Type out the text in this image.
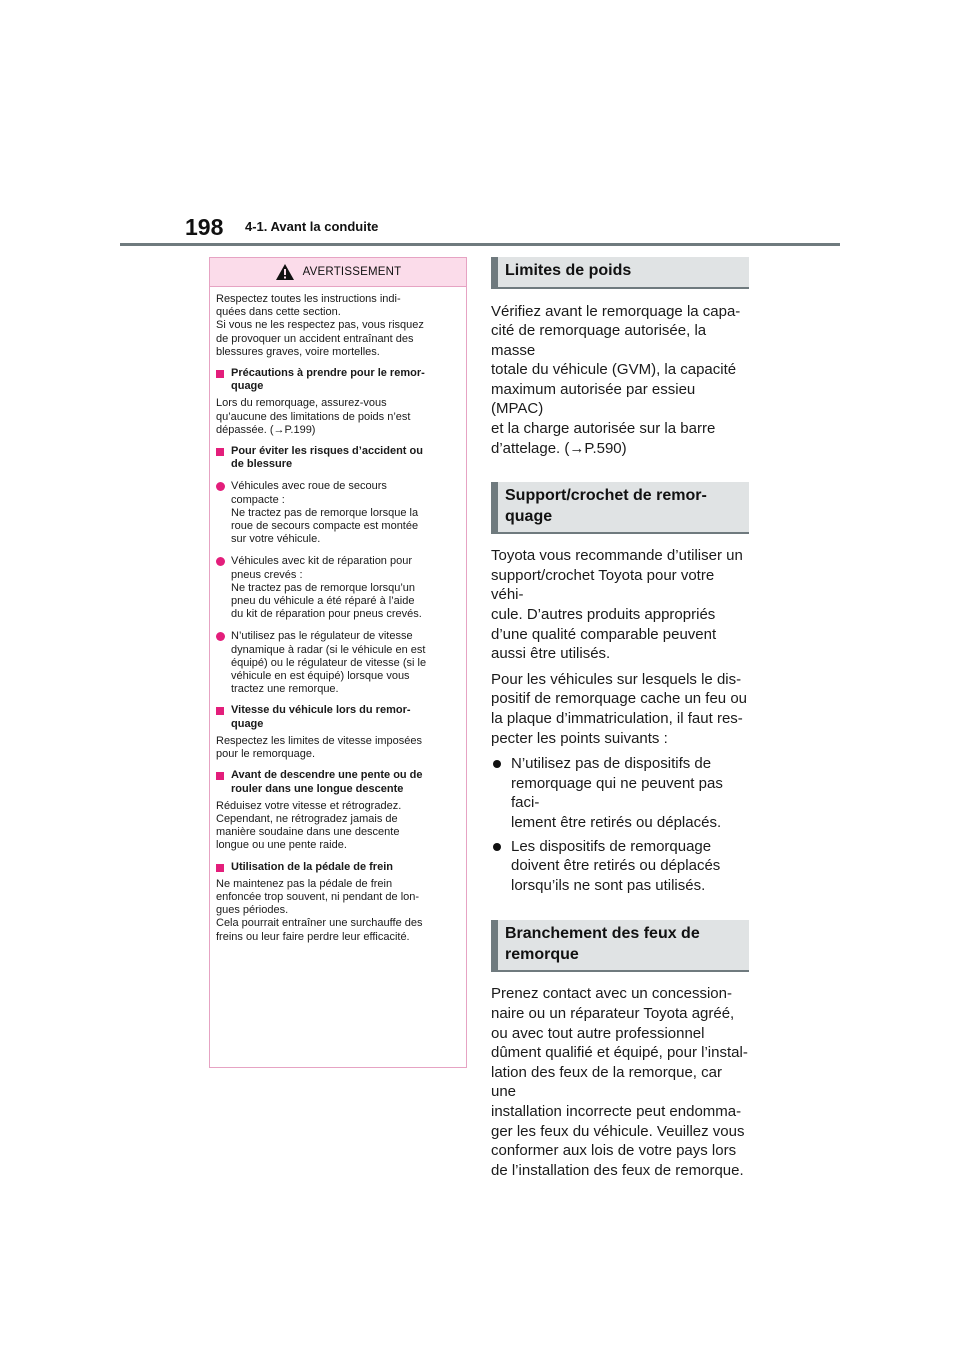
198 4-1. Avant la conduite
AVERTISSEMENT

Respectez toutes les instructions indi-

quées dans cette section.

Si vous ne les respectez pas, vous risquez

de provoquer un accident entraînant des

blessures graves, voire mortelles.

Précautions à prendre pour le remor-
quage

Lors du remorquage, assurez-vous

qu’aucune des limitations de poids n’est

dépassée. (→P.199)

Pour éviter les risques d’accident ou
de blessure

Véhicules avec roue de secours

compacte :

Ne tractez pas de remorque lorsque la

roue de secours compacte est montée

sur votre véhicule.

Véhicules avec kit de réparation pour

pneus crevés :

Ne tractez pas de remorque lorsqu’un

pneu du véhicule a été réparé à l’aide

du kit de réparation pour pneus crevés.

N’utilisez pas le régulateur de vitesse

dynamique à radar (si le véhicule en est

équipé) ou le régulateur de vitesse (si le

véhicule en est équipé) lorsque vous

tractez une remorque.

Vitesse du véhicule lors du remor-
quage

Respectez les limites de vitesse imposées

pour le remorquage.

Avant de descendre une pente ou de
rouler dans une longue descente

Réduisez votre vitesse et rétrogradez.

Cependant, ne rétrogradez jamais de

manière soudaine dans une descente

longue ou une pente raide.

Utilisation de la pédale de frein

Ne maintenez pas la pédale de frein

enfoncée trop souvent, ni pendant de lon-

gues périodes.

Cela pourrait entraîner une surchauffe des

freins ou leur faire perdre leur efficacité.

Limites de poids

Vérifiez avant le remorquage la capa-

cité de remorquage autorisée, la masse

totale du véhicule (GVM), la capacité

maximum autorisée par essieu (MPAC)

et la charge autorisée sur la barre

d’attelage. (→P.590)

Support/crochet de remor-
quage

Toyota vous recommande d’utiliser un

support/crochet Toyota pour votre véhi-

cule. D’autres produits appropriés

d’une qualité comparable peuvent

aussi être utilisés.

Pour les véhicules sur lesquels le dis-

positif de remorquage cache un feu ou

la plaque d’immatriculation, il faut res-

pecter les points suivants :

N’utilisez pas de dispositifs de

remorquage qui ne peuvent pas faci-

lement être retirés ou déplacés.

Les dispositifs de remorquage

doivent être retirés ou déplacés

lorsqu’ils ne sont pas utilisés.

Branchement des feux de
remorque

Prenez contact avec un concession-

naire ou un réparateur Toyota agréé,

ou avec tout autre professionnel

dûment qualifié et équipé, pour l’instal-

lation des feux de la remorque, car une

installation incorrecte peut endomma-

ger les feux du véhicule. Veuillez vous

conformer aux lois de votre pays lors

de l’installation des feux de remorque.
